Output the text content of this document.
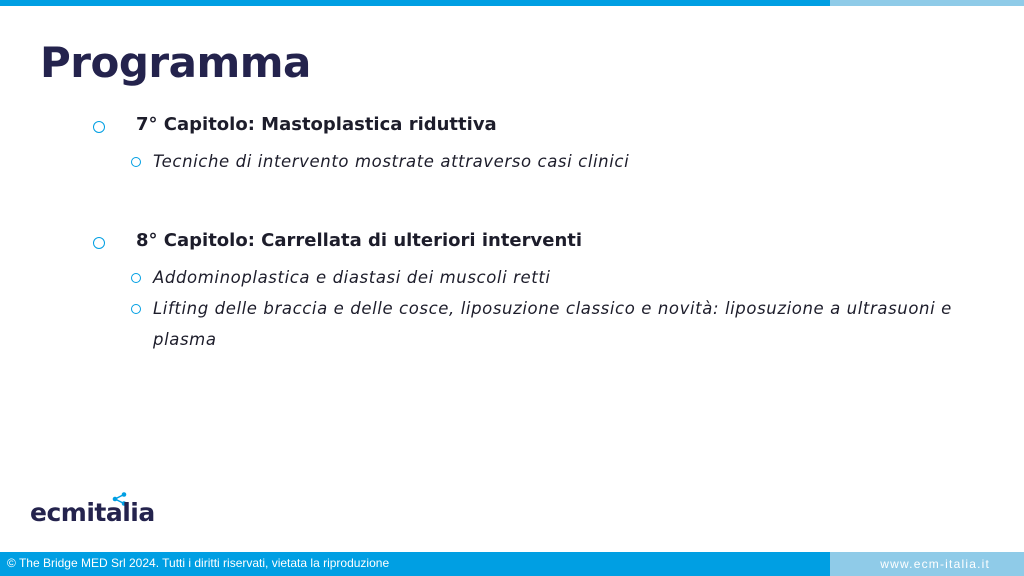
Programma
7° Capitolo: Mastoplastica riduttiva
Tecniche di intervento mostrate attraverso casi clinici
8° Capitolo: Carrellata di ulteriori interventi
Addominoplastica e diastasi dei muscoli retti
Lifting delle braccia e delle cosce, liposuzione classico e novità: liposuzione a ultrasuoni e plasma
ecmitalia
© The Bridge MED Srl 2024. Tutti i diritti riservati, vietata la riproduzione	www.ecm-italia.it
